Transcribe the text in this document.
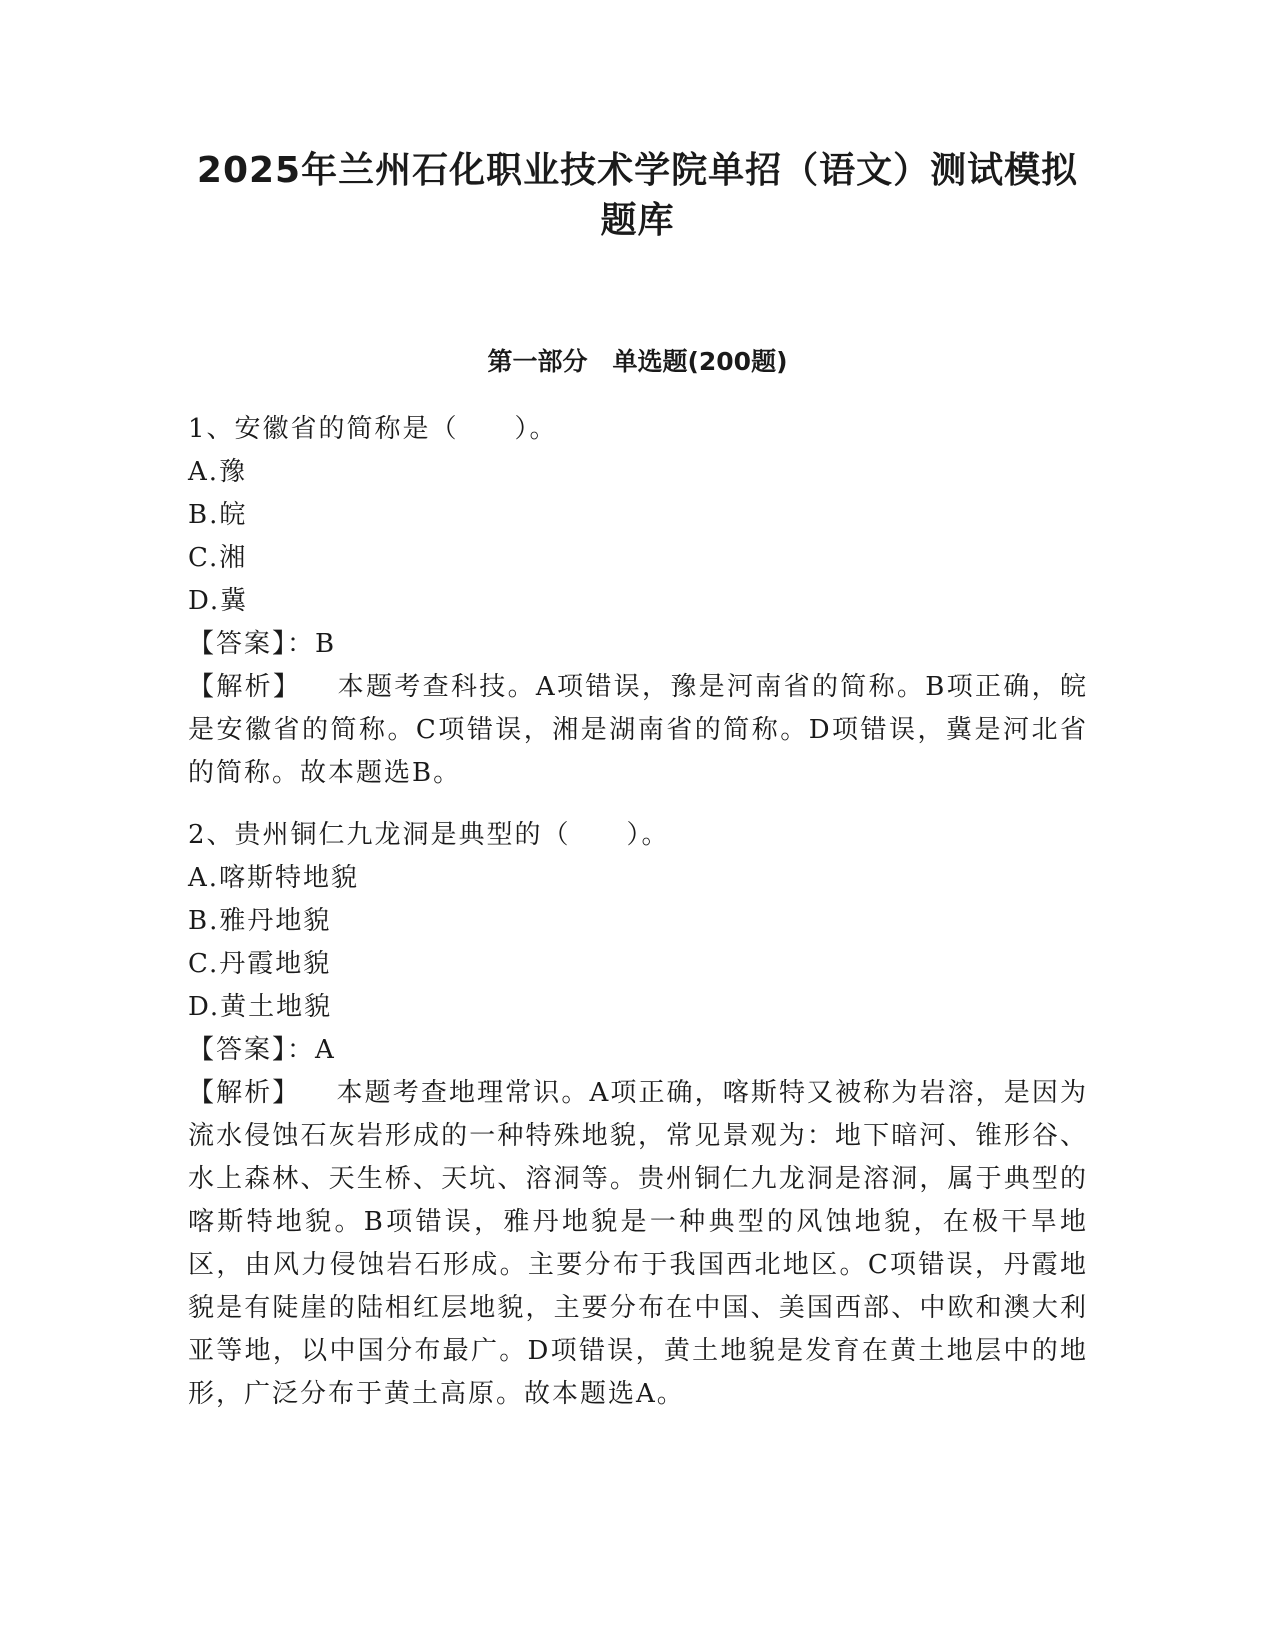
2025年兰州石化职业技术学院单招（语文）测试模拟
题库
第一部分　单选题(200题)
1、安徽省的简称是（　　）。
A.豫
B.皖
C.湘
D.冀
【答案】：B
【解析】 本题考查科技。A项错误，豫是河南省的简称。B项正确，皖是安徽省的简称。C项错误，湘是湖南省的简称。D项错误，冀是河北省的简称。故本题选B。
2、贵州铜仁九龙洞是典型的（　　）。
A.喀斯特地貌
B.雅丹地貌
C.丹霞地貌
D.黄土地貌
【答案】：A
【解析】 本题考查地理常识。A项正确，喀斯特又被称为岩溶，是因为流水侵蚀石灰岩形成的一种特殊地貌，常见景观为：地下暗河、锥形谷、水上森林、天生桥、天坑、溶洞等。贵州铜仁九龙洞是溶洞，属于典型的喀斯特地貌。B项错误，雅丹地貌是一种典型的风蚀地貌，在极干旱地区，由风力侵蚀岩石形成。主要分布于我国西北地区。C项错误，丹霞地貌是有陡崖的陆相红层地貌，主要分布在中国、美国西部、中欧和澳大利亚等地，以中国分布最广。D项错误，黄土地貌是发育在黄土地层中的地形，广泛分布于黄土高原。故本题选A。
